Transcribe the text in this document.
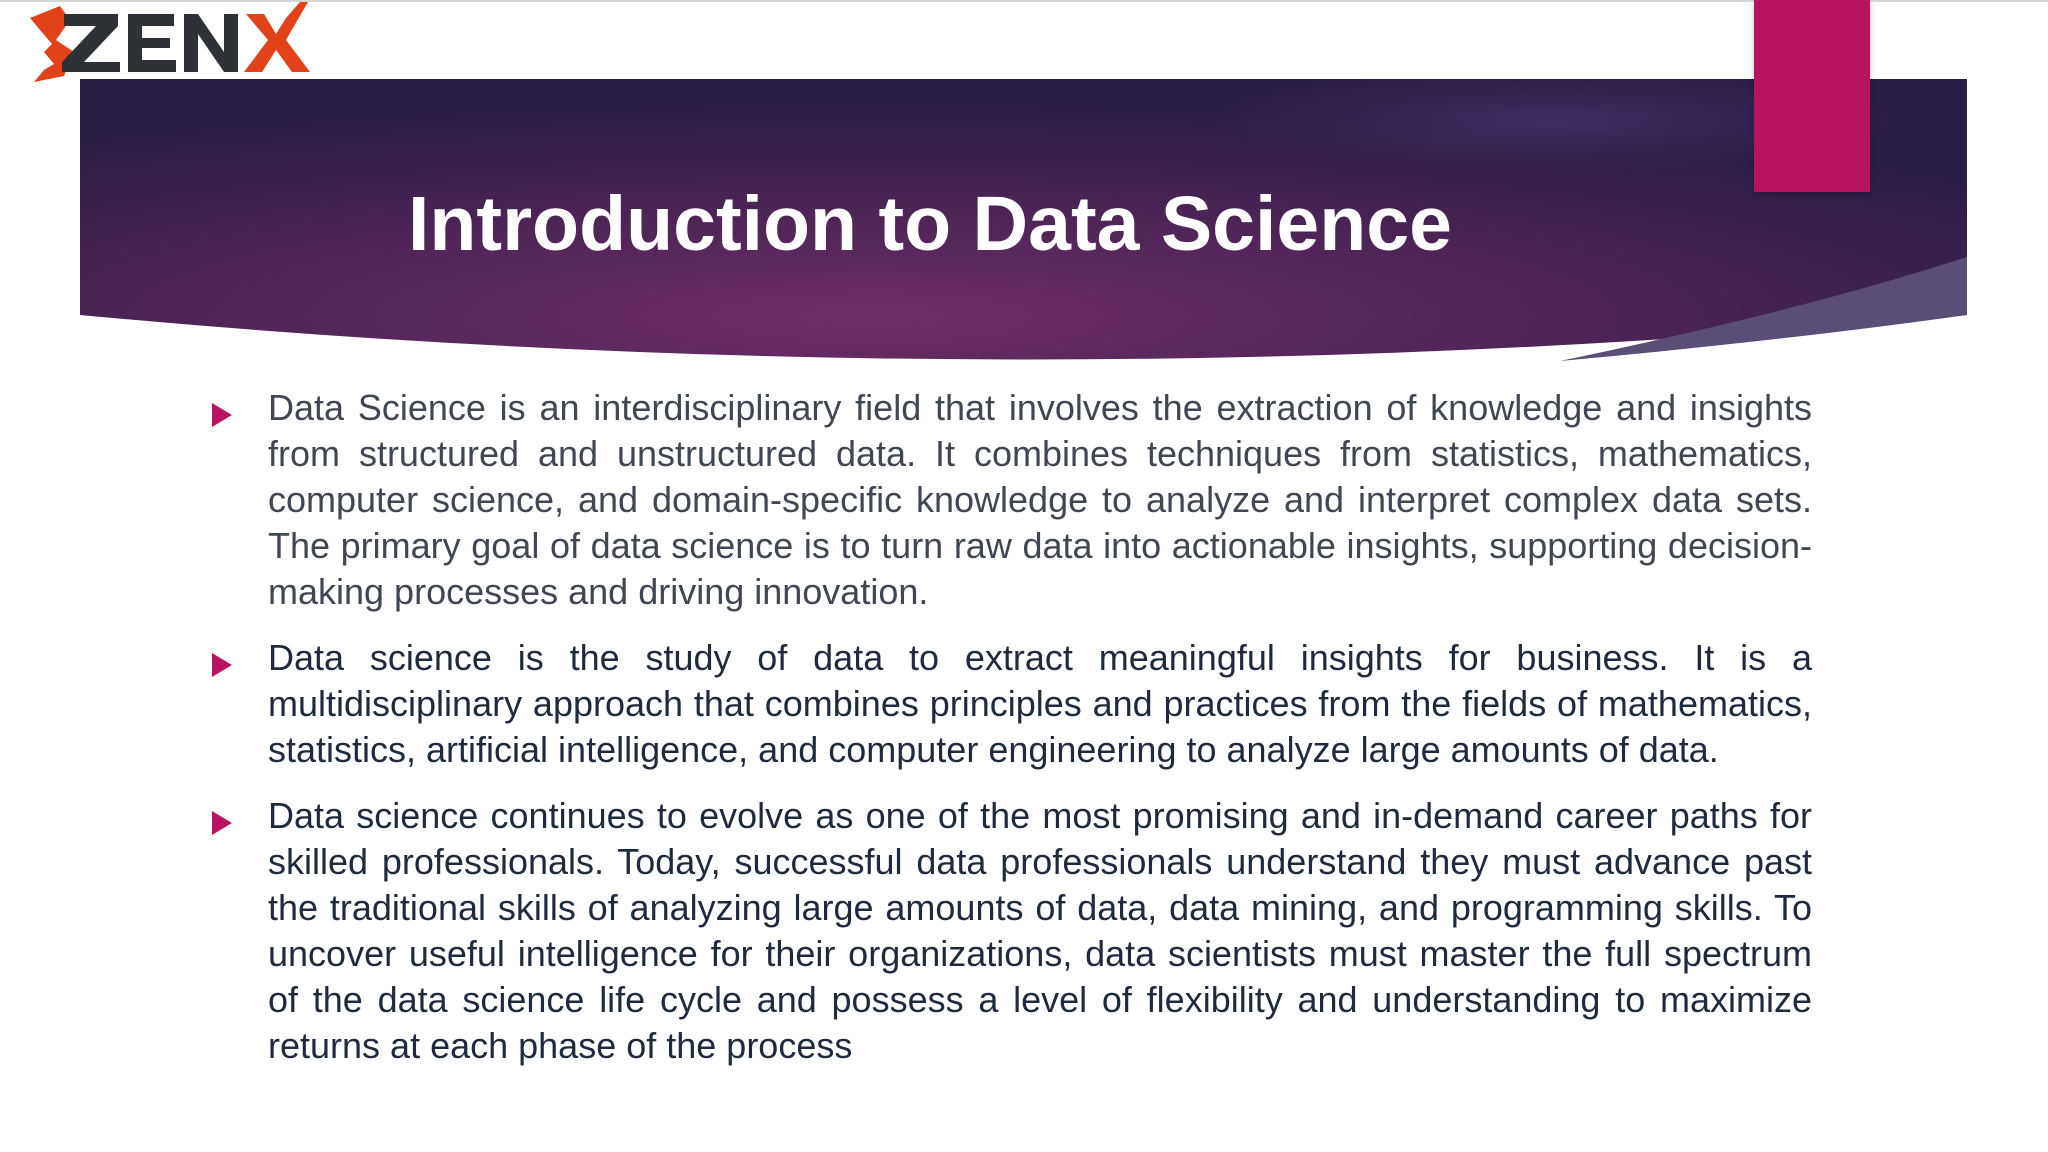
Introduction to Data Science
Data Science is an interdisciplinary field that involves the extraction of knowledge and insights from structured and unstructured data. It combines techniques from statistics, mathematics, computer science, and domain-specific knowledge to analyze and interpret complex data sets. The primary goal of data science is to turn raw data into actionable insights, supporting decision-making processes and driving innovation.
Data science is the study of data to extract meaningful insights for business. It is a multidisciplinary approach that combines principles and practices from the fields of mathematics, statistics, artificial intelligence, and computer engineering to analyze large amounts of data.
Data science continues to evolve as one of the most promising and in-demand career paths for skilled professionals. Today, successful data professionals understand they must advance past the traditional skills of analyzing large amounts of data, data mining, and programming skills. To uncover useful intelligence for their organizations, data scientists must master the full spectrum of the data science life cycle and possess a level of flexibility and understanding to maximize returns at each phase of the process
